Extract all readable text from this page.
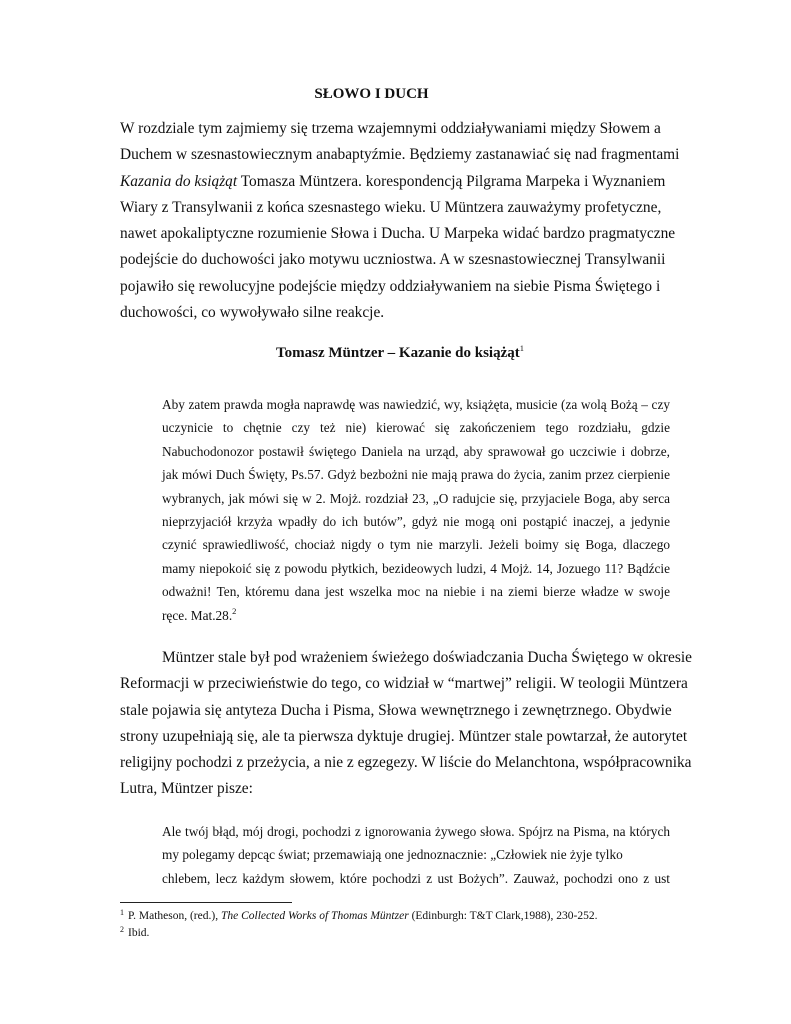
SŁOWO I DUCH
W rozdziale tym zajmiemy się trzema wzajemnymi oddziaływaniami między Słowem a
Duchem w szesnastowiecznym anabaptyźmie. Będziemy zastanawiać się nad fragmentami
Kazania do książąt Tomasza Müntzera. korespondencją Pilgrama Marpeka i Wyznaniem
Wiary z Transylwanii z końca szesnastego wieku. U Müntzera zauważymy profetyczne,
nawet apokaliptyczne rozumienie Słowa i Ducha. U Marpeka widać bardzo pragmatyczne
podejście do duchowości jako motywu uczniostwa. A w szesnastowiecznej Transylwanii
pojawiło się rewolucyjne podejście między oddziaływaniem na siebie Pisma Świętego i
duchowości, co wywoływało silne reakcje.
Tomasz Müntzer – Kazanie do książąt$^1$
Aby zatem prawda mogła naprawdę was nawiedzić, wy, książęta, musicie (za wolą Bożą – czy
uczynicie to chętnie czy też nie) kierować się zakończeniem tego rozdziału, gdzie
Nabuchodonozor postawił świętego Daniela na urząd, aby sprawował go uczciwie i dobrze,
jak mówi Duch Święty, Ps.57. Gdyż bezbożni nie mają prawa do życia, zanim przez cierpienie
wybranych, jak mówi się w 2. Mojż. rozdział 23, „O radujcie się, przyjaciele Boga, aby serca
nieprzyjaciół krzyża wpadły do ich butów”, gdyż nie mogą oni postąpić inaczej, a jedynie
czynić sprawiedliwość, chociaż nigdy o tym nie marzyli. Jeżeli boimy się Boga, dlaczego
mamy niepokoić się z powodu płytkich, bezideowych ludzi, 4 Mojż. 14, Jozuego 11? Bądźcie
odważni! Ten, któremu dana jest wszelka moc na niebie i na ziemi bierze władze w swoje
ręce. Mat.28.$^2$
Müntzer stale był pod wrażeniem świeżego doświadczania Ducha Świętego w okresie
Reformacji w przeciwieństwie do tego, co widział w “martwej” religii. W teologii Müntzera
stale pojawia się antyteza Ducha i Pisma, Słowa wewnętrznego i zewnętrznego. Obydwie
strony uzupełniają się, ale ta pierwsza dyktuje drugiej. Müntzer stale powtarzał, że autorytet
religijny pochodzi z przeżycia, a nie z egzegezy. W liście do Melanchtona, współpracownika
Lutra, Müntzer pisze:
Ale twój błąd, mój drogi, pochodzi z ignorowania żywego słowa. Spójrz na Pisma, na których
my polegamy depcąc świat; przemawiają one jednoznacznie: „Człowiek nie żyje tylko
chlebem, lecz każdym słowem, które pochodzi z ust Bożych”. Zauważ, pochodzi ono z ust
$^1$ P. Matheson, (red.), The Collected Works of Thomas Müntzer (Edinburgh: T&T Clark,1988), 230-252.
$^2$ Ibid.
